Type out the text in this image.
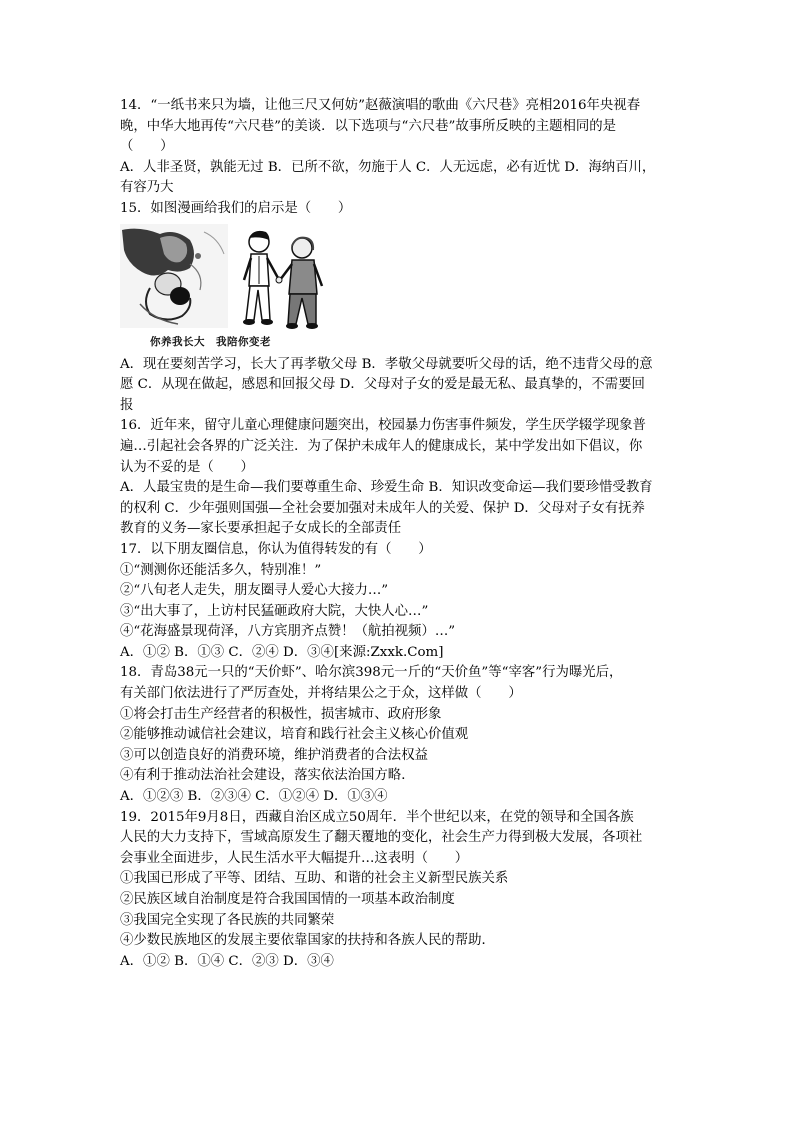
14．“一纸书来只为墙，让他三尺又何妨”赵薇演唱的歌曲《六尺巷》亮相2016年央视春
晚，中华大地再传“六尺巷”的美谈．以下选项与“六尺巷”故事所反映的主题相同的是
（　　）
A．人非圣贤，孰能无过 B．已所不欲，勿施于人 C．人无远虑，必有近忧 D．海纳百川，
有容乃大
15．如图漫画给我们的启示是（　　）
你养我长大　我陪你变老
A．现在要刻苦学习，长大了再孝敬父母 B．孝敬父母就要听父母的话，绝不违背父母的意
愿 C．从现在做起，感恩和回报父母 D．父母对子女的爱是最无私、最真挚的，不需要回
报
16．近年来，留守儿童心理健康问题突出，校园暴力伤害事件频发，学生厌学辍学现象普
遍…引起社会各界的广泛关注．为了保护未成年人的健康成长，某中学发出如下倡议，你
认为不妥的是（　　）
A．人最宝贵的是生命—我们要尊重生命、珍爱生命 B．知识改变命运—我们要珍惜受教育
的权利 C．少年强则国强—全社会要加强对未成年人的关爱、保护 D．父母对子女有抚养
教育的义务—家长要承担起子女成长的全部责任
17．以下朋友圈信息，你认为值得转发的有（　　）
①“测测你还能活多久，特别准！”
②“八旬老人走失，朋友圈寻人爱心大接力…”
③“出大事了，上访村民猛砸政府大院，大快人心…”
④“花海盛景现荷泽，八方宾朋齐点赞！（航拍视频）…”
A．①② B．①③ C．②④ D．③④[来源:Zxxk.Com]
18．青岛38元一只的“天价虾”、哈尔滨398元一斤的“天价鱼”等“宰客”行为曝光后，
有关部门依法进行了严厉查处，并将结果公之于众，这样做（　　）
①将会打击生产经营者的积极性，损害城市、政府形象
②能够推动诚信社会建议，培育和践行社会主义核心价值观
③可以创造良好的消费环境，维护消费者的合法权益
④有利于推动法治社会建设，落实依法治国方略．
A．①②③ B．②③④ C．①②④ D．①③④
19．2015年9月8日，西藏自治区成立50周年．半个世纪以来，在党的领导和全国各族
人民的大力支持下，雪域高原发生了翻天覆地的变化，社会生产力得到极大发展，各项社
会事业全面进步，人民生活水平大幅提升…这表明（　　）
①我国已形成了平等、团结、互助、和谐的社会主义新型民族关系
②民族区域自治制度是符合我国国情的一项基本政治制度
③我国完全实现了各民族的共同繁荣
④少数民族地区的发展主要依靠国家的扶持和各族人民的帮助．
A．①② B．①④ C．②③ D．③④
